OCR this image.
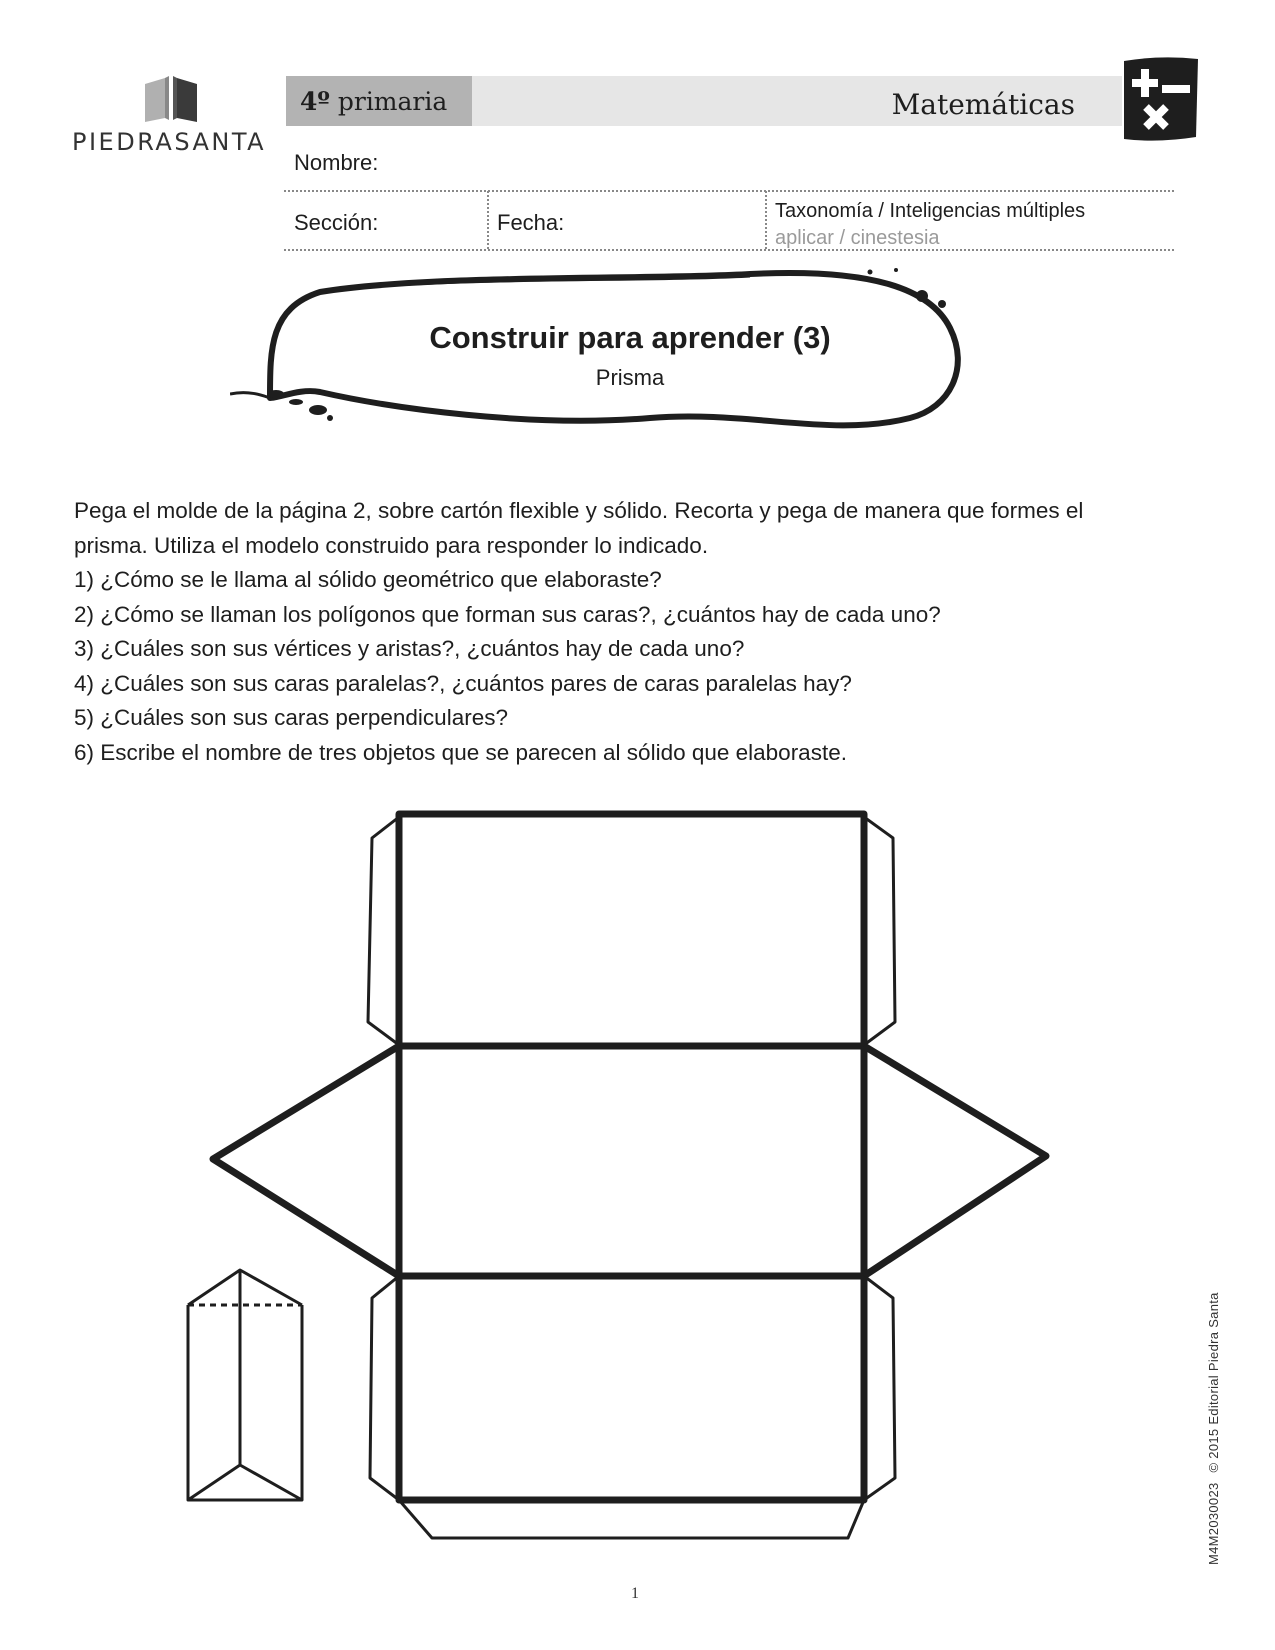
PIEDRASANTA
4º
primaria	Matemáticas
Nombre:
Sección:	Fecha:	Taxonomía / Inteligencias múltiples
aplicar / cinestesia
Construir para aprender (3)
Prisma

Pega el molde de la página 2, sobre cartón flexible y sólido. Recorta y pega de manera que formes el

prisma. Utiliza el modelo construido para responder lo indicado.

1) ¿Cómo se le llama al sólido geométrico que elaboraste?

2) ¿Cómo se llaman los polígonos que forman sus caras?, ¿cuántos hay de cada uno?

3) ¿Cuáles son sus vértices y aristas?, ¿cuántos hay de cada uno?

4) ¿Cuáles son sus caras paralelas?, ¿cuántos pares de caras paralelas hay?

5) ¿Cuáles son sus caras perpendiculares?

6) Escribe el nombre de tres objetos que se parecen al sólido que elaboraste.

M4M2030023© 2015 Editorial Piedra Santa
1
